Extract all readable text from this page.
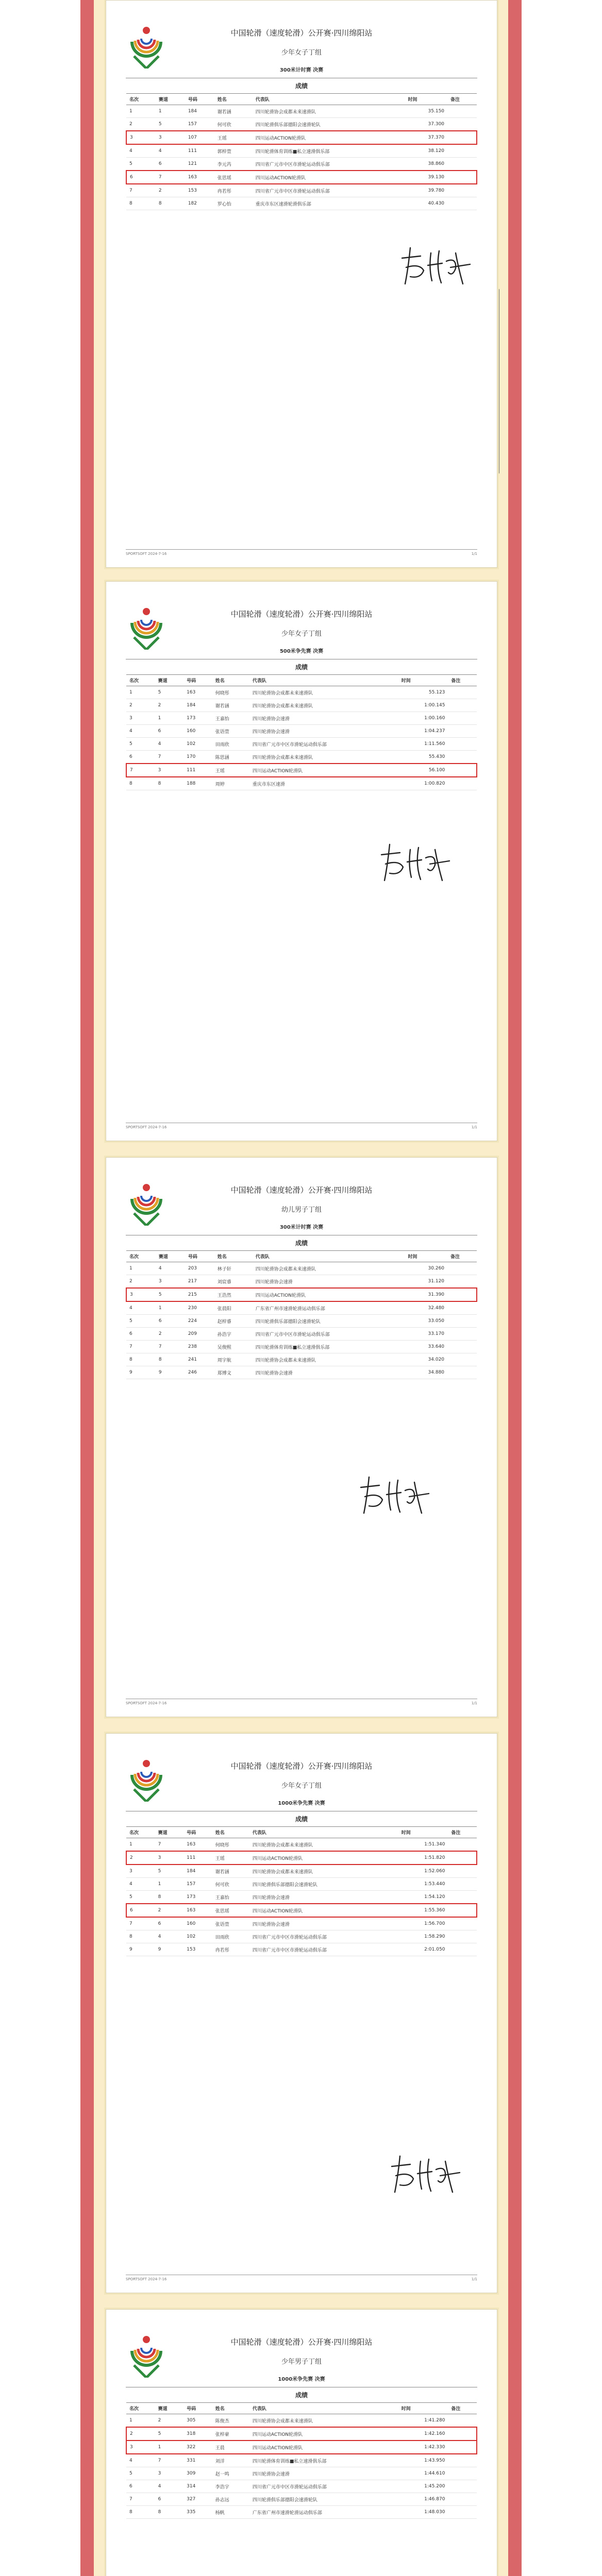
中国轮滑（速度轮滑）公开赛·四川绵阳站
少年女子丁组
300米计时赛 决赛
成绩
名次	赛道	号码	姓名	代表队	时间	备注
1	1	184	谢若涵	四川轮滑协会成都未来速滑队	35.150	
2	5	157	何可欣	四川轮滑俱乐部德阳会速滑轮队	37.300	
3	3	107	王瑶	四川运动ACTION轮滑队	37.370	
4	4	111	郭梓萱	四川轮滑体育训练■私立速滑俱乐部	38.120	
5	6	121	李元芮	四川省广元市中区市滑轮运动俱乐部	38.860	
6	7	163	张思瑶	四川运动ACTION轮滑队	39.130	
7	2	153	冉若彤	四川省广元市中区市滑轮运动俱乐部	39.780	
8	8	182	罗心怡	重庆市东区速滑轮滑俱乐部	40.430	
SPORTSOFT 2024-7-16	1/1
中国轮滑（速度轮滑）公开赛·四川绵阳站
少年女子丁组
500米争先赛 决赛
成绩
名次	赛道	号码	姓名	代表队	时间	备注
1	5	163	何晓彤	四川轮滑协会成都未来速滑队	55.123	
2	2	184	谢若涵	四川轮滑协会成都未来速滑队	1:00.145	
3	1	173	王嘉怡	四川轮滑协会速滑	1:00.160	
4	6	160	张语萱	四川轮滑协会速滑	1:04.237	
5	4	102	田雨欣	四川省广元市中区市滑轮运动俱乐部	1:11.560	
6	7	170	陈思涵	四川轮滑协会成都未来速滑队	55.430	
7	3	111	王瑶	四川运动ACTION轮滑队	56.100	
8	8	188	周婷	重庆市东区速滑	1:00.820	
SPORTSOFT 2024-7-16	1/1
中国轮滑（速度轮滑）公开赛·四川绵阳站
幼儿男子丁组
300米计时赛 决赛
成绩
名次	赛道	号码	姓名	代表队	时间	备注
1	4	203	林子轩	四川轮滑协会成都未来速滑队	30.260	
2	3	217	刘宸睿	四川轮滑协会速滑	31.120	
3	5	215	王浩然	四川运动ACTION轮滑队	31.390	
4	1	230	张晨阳	广东省广州市速滑轮滑运动俱乐部	32.480	
5	6	224	赵梓睿	四川轮滑俱乐部德阳会速滑轮队	33.050	
6	2	209	孙浩宇	四川省广元市中区市滑轮运动俱乐部	33.170	
7	7	238	吴俊熙	四川轮滑体育训练■私立速滑俱乐部	33.640	
8	8	241	周宇航	四川轮滑协会成都未来速滑队	34.020	
9	9	246	郑博文	四川轮滑协会速滑	34.880	
SPORTSOFT 2024-7-16	1/1
中国轮滑（速度轮滑）公开赛·四川绵阳站
少年女子丁组
1000米争先赛 决赛
成绩
名次	赛道	号码	姓名	代表队	时间	备注
1	7	163	何晓彤	四川轮滑协会成都未来速滑队	1:51.340	
2	3	111	王瑶	四川运动ACTION轮滑队	1:51.820	
3	5	184	谢若涵	四川轮滑协会成都未来速滑队	1:52.060	
4	1	157	何可欣	四川轮滑俱乐部德阳会速滑轮队	1:53.440	
5	8	173	王嘉怡	四川轮滑协会速滑	1:54.120	
6	2	163	张思瑶	四川运动ACTION轮滑队	1:55.360	
7	6	160	张语萱	四川轮滑协会速滑	1:56.700	
8	4	102	田雨欣	四川省广元市中区市滑轮运动俱乐部	1:58.290	
9	9	153	冉若彤	四川省广元市中区市滑轮运动俱乐部	2:01.050	
SPORTSOFT 2024-7-16	1/1
中国轮滑（速度轮滑）公开赛·四川绵阳站
少年男子丁组
1000米争先赛 决赛
成绩
名次	赛道	号码	姓名	代表队	时间	备注
1	2	305	陈俊杰	四川轮滑协会成都未来速滑队	1:41.280	
2	5	318	张梓豪	四川运动ACTION轮滑队	1:42.160	
3	1	322	王晨	四川运动ACTION轮滑队	1:42.330	
4	7	331	刘洋	四川轮滑体育训练■私立速滑俱乐部	1:43.950	
5	3	309	赵一鸣	四川轮滑协会速滑	1:44.610	
6	4	314	李浩宇	四川省广元市中区市滑轮运动俱乐部	1:45.200	
7	6	327	孙志远	四川轮滑俱乐部德阳会速滑轮队	1:46.870	
8	8	335	杨帆	广东省广州市速滑轮滑运动俱乐部	1:48.030	
